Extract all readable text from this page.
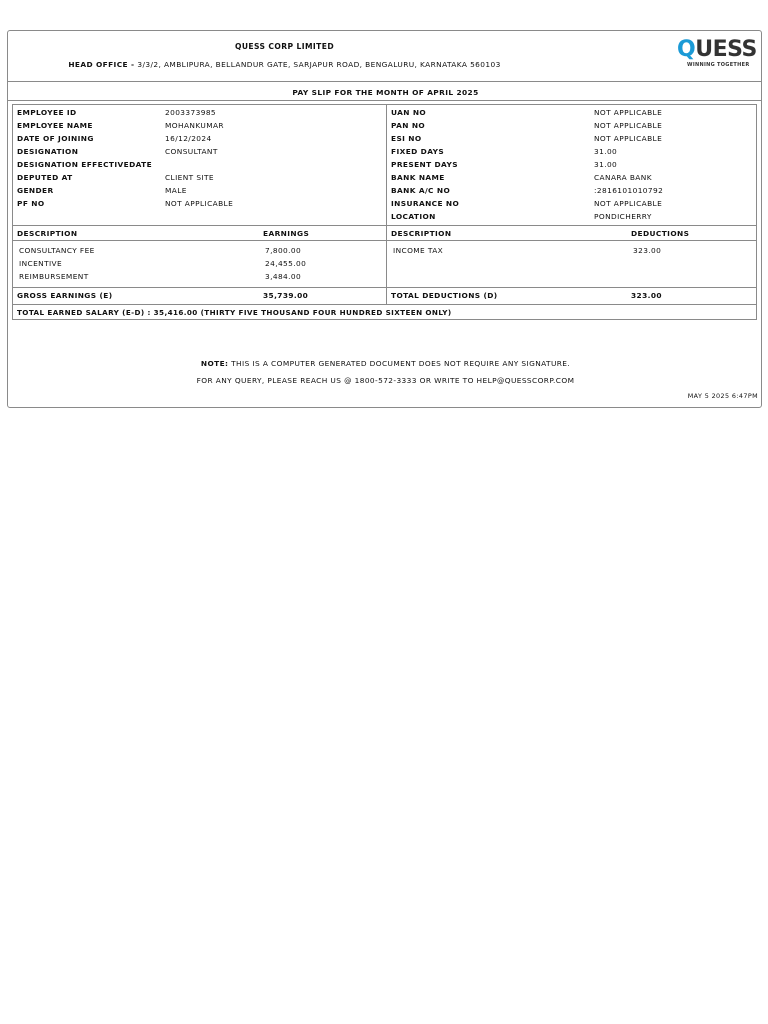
QUESS CORP LIMITED
HEAD OFFICE - 3/3/2, AMBLIPURA, BELLANDUR GATE, SARJAPUR ROAD, BENGALURU, KARNATAKA 560103
QUESS
WINNING TOGETHER
PAY SLIP FOR THE MONTH OF APRIL 2025
EMPLOYEE ID	2003373985
EMPLOYEE NAME	MOHANKUMAR
DATE OF JOINING	16/12/2024
DESIGNATION	CONSULTANT
DESIGNATION EFFECTIVEDATE
DEPUTED AT	CLIENT SITE
GENDER	MALE
PF NO	NOT APPLICABLE
UAN NO	NOT APPLICABLE
PAN NO	NOT APPLICABLE
ESI NO	NOT APPLICABLE
FIXED DAYS	31.00
PRESENT DAYS	31.00
BANK NAME	CANARA BANK
BANK A/C NO	:2816101010792
INSURANCE NO	NOT APPLICABLE
LOCATION	PONDICHERRY
DESCRIPTION	EARNINGS	DESCRIPTION	DEDUCTIONS
CONSULTANCY FEE	7,800.00
INCENTIVE	24,455.00
REIMBURSEMENT	3,484.00
INCOME TAX	323.00
GROSS EARNINGS (E)	35,739.00	TOTAL DEDUCTIONS (D)	323.00
TOTAL EARNED SALARY (E-D) : 35,416.00 (THIRTY FIVE THOUSAND FOUR HUNDRED SIXTEEN ONLY)
NOTE: THIS IS A COMPUTER GENERATED DOCUMENT DOES NOT REQUIRE ANY SIGNATURE.
FOR ANY QUERY, PLEASE REACH US @ 1800-572-3333 OR WRITE TO HELP@QUESSCORP.COM
MAY 5 2025 6:47PM
